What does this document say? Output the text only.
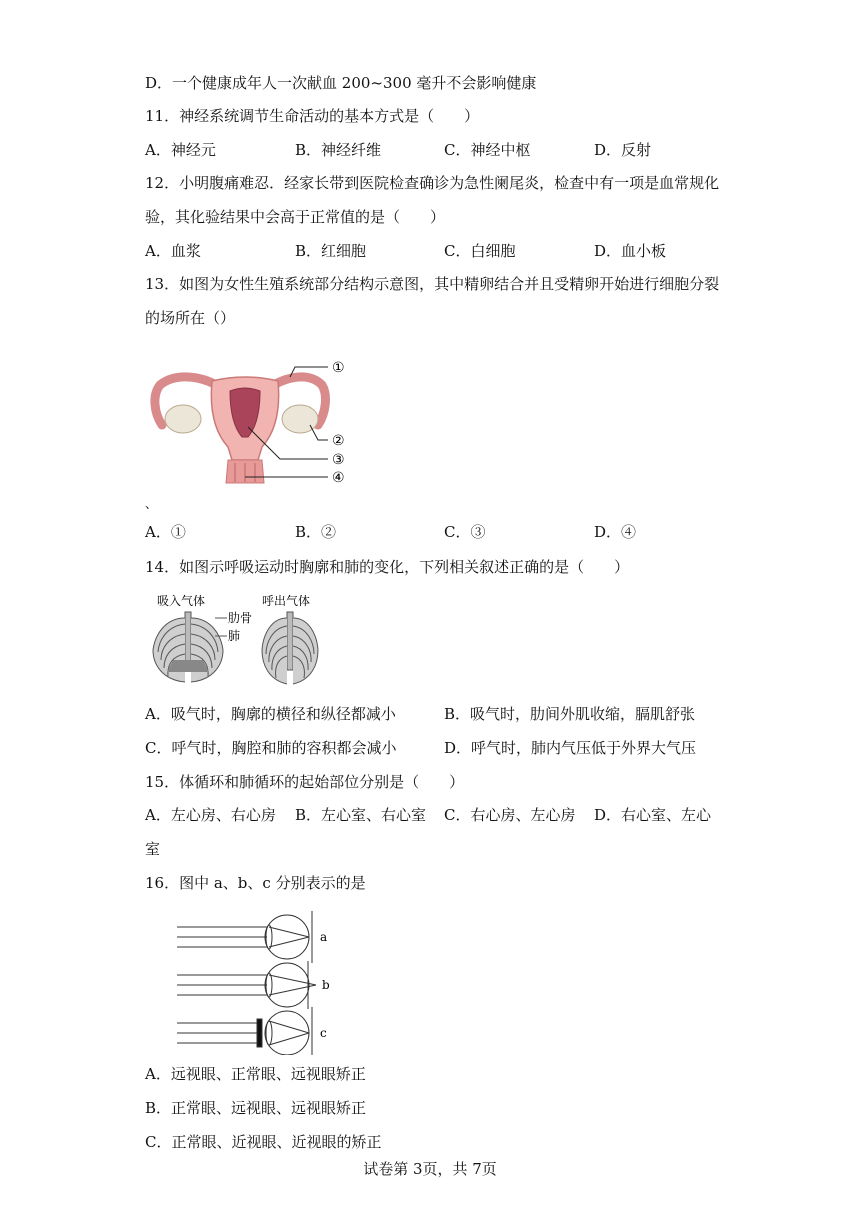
D．一个健康成年人一次献血 200~300 毫升不会影响健康
11．神经系统调节生命活动的基本方式是（　　）
A．神经元	B．神经纤维	C．神经中枢	D．反射
12．小明腹痛难忍．经家长带到医院检查确诊为急性阑尾炎，检查中有一项是血常规化
验，其化验结果中会高于正常值的是（　　）
A．血浆	B．红细胞	C．白细胞	D．血小板
13．如图为女性生殖系统部分结构示意图，其中精卵结合并且受精卵开始进行细胞分裂
的场所在（）
①
②
③
④
、
A．①	B．②	C．③	D．④
14．如图示呼吸运动时胸廓和肺的变化，下列相关叙述正确的是（　　）
吸入气体	呼出气体
肋骨
肺
A．吸气时，胸廓的横径和纵径都减小	B．吸气时，肋间外肌收缩，膈肌舒张
C．呼气时，胸腔和肺的容积都会减小	D．呼气时，肺内气压低于外界大气压
15．体循环和肺循环的起始部位分别是（　　）
A．左心房、右心房 B．左心室、右心室 C．右心房、左心房 D．右心室、左心
室
16．图中 a、b、c 分别表示的是
a
b
c
A．远视眼、正常眼、远视眼矫正
B．正常眼、远视眼、远视眼矫正
C．正常眼、近视眼、近视眼的矫正
试卷第 3页，共 7页
